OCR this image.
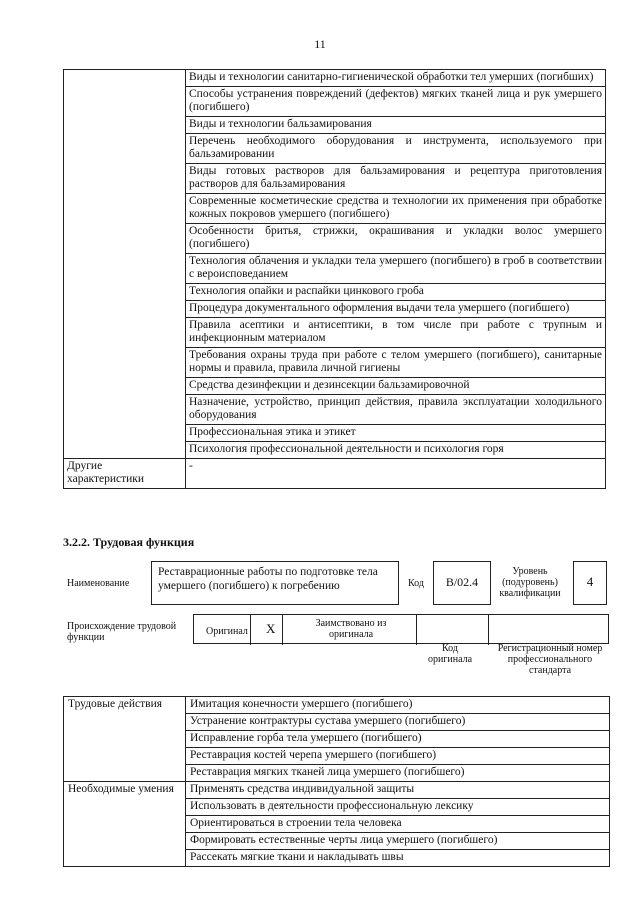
11
	Виды и технологии санитарно-гигиенической обработки тел умерших (погибших)
	Способы устранения повреждений (дефектов) мягких тканей лица и рук умершего (погибшего)
	Виды и технологии бальзамирования
	Перечень необходимого оборудования и инструмента, используемого при бальзамировании
	Виды готовых растворов для бальзамирования и рецептура приготовления растворов для бальзамирования
	Современные косметические средства и технологии их применения при обработке кожных покровов умершего (погибшего)
	Особенности бритья, стрижки, окрашивания и укладки волос умершего (погибшего)
	Технология облачения и укладки тела умершего (погибшего) в гроб в соответствии с вероисповеданием
	Технология опайки и распайки цинкового гроба
	Процедура документального оформления выдачи тела умершего (погибшего)
	Правила асептики и антисептики, в том числе при работе с трупным и инфекционным материалом
	Требования охраны труда при работе с телом умершего (погибшего), санитарные нормы и правила, правила личной гигиены
	Средства дезинфекции и дезинсекции бальзамировочной
	Назначение, устройство, принцип действия, правила эксплуатации холодильного оборудования
	Профессиональная этика и этикет
	Психология профессиональной деятельности и психология горя
Другие характеристики	-
3.2.2. Трудовая функция
Наименование
Реставрационные работы по подготовке тела умершего (погибшего) к погребению	Код	B/02.4
Уровень (подуровень) квалификации
4
Происхождение трудовой функции
Оригинал X	Заимствовано из оригинала
Код оригинала
Регистрационный номер профессионального стандарта
Трудовые действия	Имитация конечности умершего (погибшего)
	Устранение контрактуры сустава умершего (погибшего)
	Исправление горба тела умершего (погибшего)
	Реставрация костей черепа умершего (погибшего)
	Реставрация мягких тканей лица умершего (погибшего)
Необходимые умения	Применять средства индивидуальной защиты
	Использовать в деятельности профессиональную лексику
	Ориентироваться в строении тела человека
	Формировать естественные черты лица умершего (погибшего)
	Рассекать мягкие ткани и накладывать швы
